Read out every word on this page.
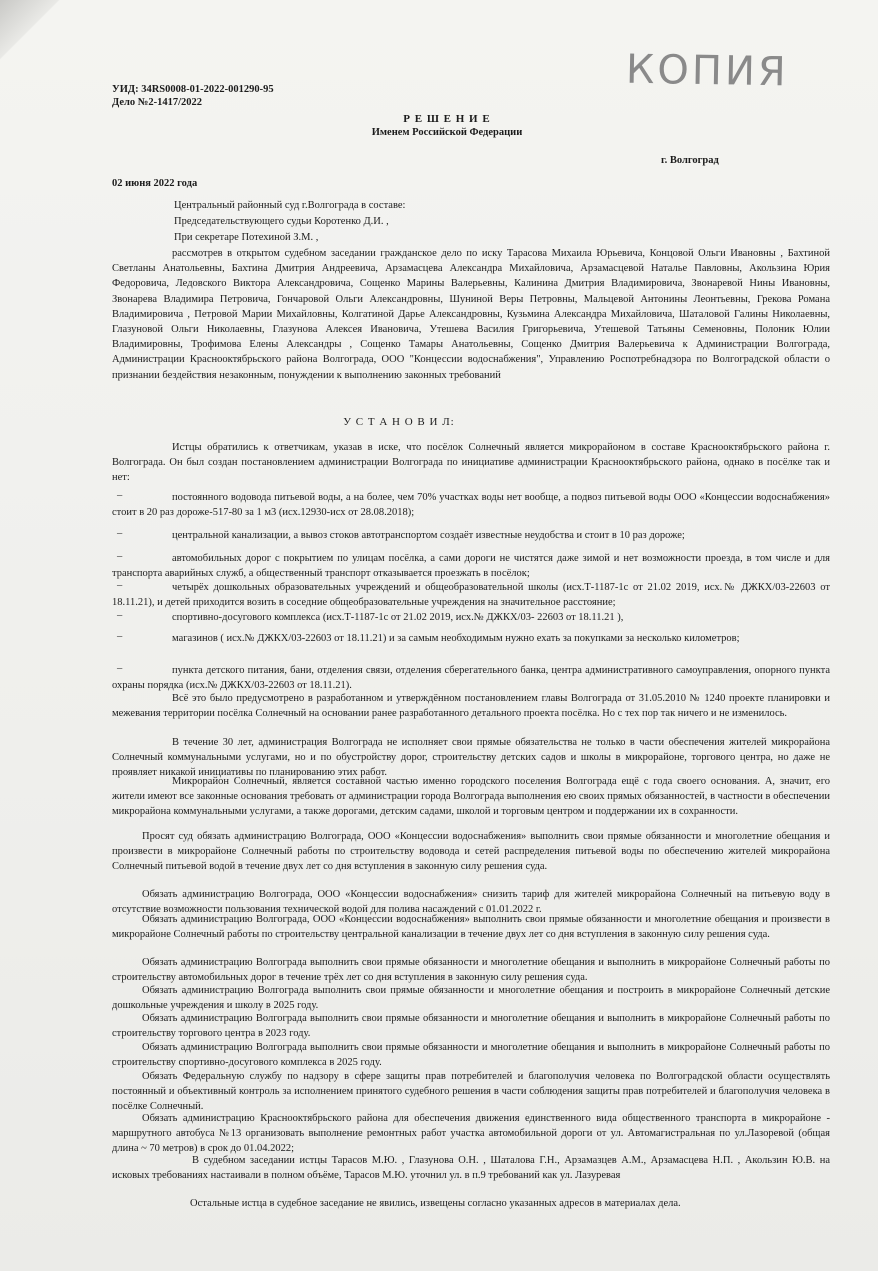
КОПИЯ
УИД: 34RS0008-01-2022-001290-95
Дело №2-1417/2022
Р Е Ш Е Н И Е
Именем Российской Федерации
г. Волгоград
02 июня 2022 года
Центральный районный суд г.Волгограда в составе:
Председательствующего судьи Коротенко Д.И. ,
При секретаре Потехиной З.М. ,
рассмотрев в открытом судебном заседании гражданское дело по иску Тарасова Михаила Юрьевича, Концовой Ольги Ивановны , Бахтиной Светланы Анатольевны, Бахтина Дмитрия Андреевича, Арзамасцева Александра Михайловича, Арзамасцевой Наталье Павловны, Акользина Юрия Федоровича, Ледовского Виктора Александровича, Сощенко Марины Валерьевны, Калинина Дмитрия Владимировича, Звонаревой Нины Ивановны, Звонарева Владимира Петровича, Гончаровой Ольги Александровны, Шуниной Веры Петровны, Мальцевой Антонины Леонтьевны, Грекова Романа Владимировича , Петровой Марии Михайловны, Колгатиной Дарье Александровны, Кузьмина Александра Михайловича, Шаталовой Галины Николаевны, Глазуновой Ольги Николаевны, Глазунова Алексея Ивановича, Утешева Василия Григорьевича, Утешевой Татьяны Семеновны, Полоник Юлии Владимировны, Трофимова Елены Александры , Сощенко Тамары Анатольевны, Сощенко Дмитрия Валерьевича к Администрации Волгограда, Администрации Краснооктябрьского района Волгограда, ООО "Концессии водоснабжения", Управлению Роспотребнадзора по Волгоградской области о признании бездействия незаконным, понуждении к выполнению законных требований
У С Т А Н О В И Л:
Истцы обратились к ответчикам, указав в иске, что посёлок Солнечный является микрорайоном в составе Краснооктябрьского района г. Волгограда. Он был создан постановлением администрации Волгограда по инициативе администрации Краснооктябрьского района, однако в посёлке так и нет:
–	постоянного водовода питьевой воды, а на более, чем 70% участках воды нет вообще, а подвоз питьевой воды ООО «Концессии водоснабжения» стоит в 20 раз дороже-517-80 за 1 м3 (исх.12930-исх от 28.08.2018);
–	центральной канализации, а вывоз стоков автотранспортом создаёт известные неудобства и стоит в 10 раз дороже;
–	автомобильных дорог с покрытием по улицам посёлка, а сами дороги не чистятся даже зимой и нет возможности проезда, в том числе и для транспорта аварийных служб, а общественный транспорт отказывается проезжать в посёлок;
–	четырёх дошкольных образовательных учреждений и общеобразовательной школы (исх.Т-1187-1с от 21.02 2019, исх.№ ДЖКХ/03-22603 от 18.11.21), и детей приходится возить в соседние общеобразовательные учреждения на значительное расстояние;
–	спортивно-досугового комплекса (исх.Т-1187-1с от 21.02 2019, исх.№ ДЖКХ/03- 22603 от 18.11.21 ),
–	магазинов ( исх.№ ДЖКХ/03-22603 от 18.11.21) и за самым необходимым нужно ехать за покупками за несколько километров;
–	пункта детского питания, бани, отделения связи, отделения сберегательного банка, центра административного самоуправления, опорного пункта охраны порядка (исх.№ ДЖКХ/03-22603 от 18.11.21).
Всё это было предусмотрено в разработанном и утверждённом постановлением главы Волгограда от 31.05.2010 № 1240 проекте планировки и межевания территории посёлка Солнечный на основании ранее разработанного детального проекта посёлка. Но с тех пор так ничего и не изменилось.
В течение 30 лет, администрация Волгограда не исполняет свои прямые обязательства не только в части обеспечения жителей микрорайона Солнечный коммунальными услугами, но и по обустройству дорог, строительству детских садов и школы в микрорайоне, торгового центра, но даже не проявляет никакой инициативы по планированию этих работ.
Микрорайон Солнечный, является составной частью именно городского поселения Волгограда ещё с года своего основания. А, значит, его жители имеют все законные основания требовать от администрации города Волгограда выполнения ею своих прямых обязанностей, в частности в обеспечении микрорайона коммунальными услугами, а также дорогами, детским садами, школой и торговым центром и поддержании их в сохранности.
Просят суд обязать администрацию Волгограда, ООО «Концессии водоснабжения» выполнить свои прямые обязанности и многолетние обещания и произвести в микрорайоне Солнечный работы по строительству водовода и сетей распределения питьевой воды по обеспечению жителей микрорайона Солнечный питьевой водой в течение двух лет со дня вступления в законную силу решения суда.
Обязать администрацию Волгограда, ООО «Концессии водоснабжения» снизить тариф для жителей микрорайона Солнечный на питьевую воду в отсутствие возможности пользования технической водой для полива насаждений с 01.01.2022 г.
Обязать администрацию Волгограда, ООО «Концессии водоснабжения» выполнить свои прямые обязанности и многолетние обещания и произвести в микрорайоне Солнечный работы по строительству центральной канализации в течение двух лет со дня вступления в законную силу решения суда.
Обязать администрацию Волгограда выполнить свои прямые обязанности и многолетние обещания и выполнить в микрорайоне Солнечный работы по строительству автомобильных дорог в течение трёх лет со дня вступления в законную силу решения суда.
Обязать администрацию Волгограда выполнить свои прямые обязанности и многолетние обещания и построить в микрорайоне Солнечный детские дошкольные учреждения и школу в 2025 году.
Обязать администрацию Волгограда выполнить свои прямые обязанности и многолетние обещания и выполнить в микрорайоне Солнечный работы по строительству торгового центра в 2023 году.
Обязать администрацию Волгограда выполнить свои прямые обязанности и многолетние обещания и выполнить в микрорайоне Солнечный работы по строительству спортивно-досугового комплекса в 2025 году.
Обязать Федеральную службу по надзору в сфере защиты прав потребителей и благополучия человека по Волгоградской области осуществлять постоянный и объективный контроль за исполнением принятого судебного решения в части соблюдения защиты прав потребителей и благополучия человека в посёлке Солнечный.
Обязать администрацию Краснооктябрьского района для обеспечения движения единственного вида общественного транспорта в микрорайоне - маршрутного автобуса №13 организовать выполнение ремонтных работ участка автомобильной дороги от ул. Автомагистральная по ул.Лазоревой (общая длина ~ 70 метров) в срок до 01.04.2022;
В судебном заседании истцы Тарасов М.Ю. , Глазунова О.Н. , Шаталова Г.Н., Арзамазцев А.М., Арзамасцева Н.П. , Акользин Ю.В. на исковых требованиях настаивали в полном объёме, Тарасов М.Ю. уточнил ул. в п.9 требований как ул. Лазуревая
Остальные истца в судебное заседание не явились, извещены согласно указанных адресов в материалах дела.
